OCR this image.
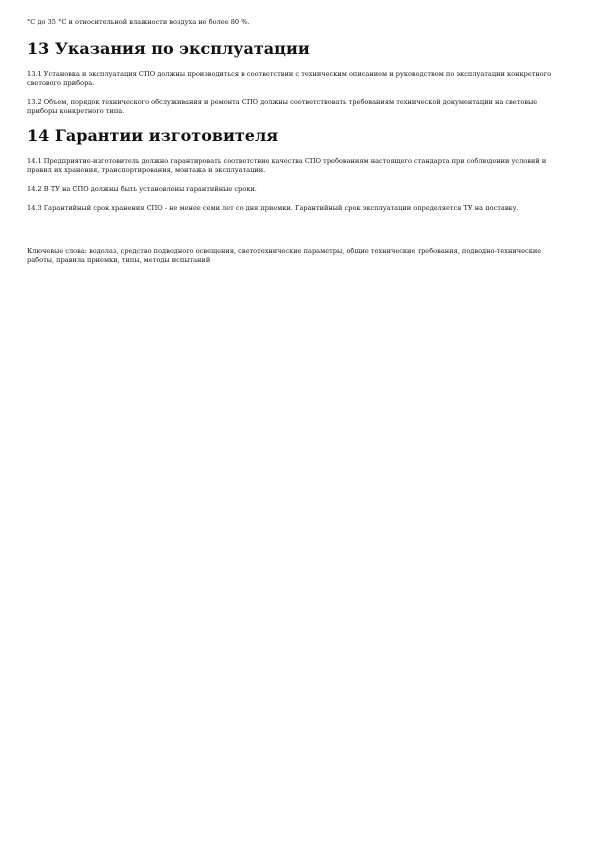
°С до 35 °С и относительной влажности воздуха не более 80 %.

13 Указания по эксплуатации

13.1 Установка и эксплуатация СПО должны производиться в соответствии с техническим описанием и руководством по эксплуатации конкретного светового прибора.

13.2 Объем, порядок технического обслуживания и ремонта СПО должны соответствовать требованиям технической документации на световые приборы конкретного типа.

14 Гарантии изготовителя

14.1 Предприятие-изготовитель должно гарантировать соответствие качества СПО требованиям настоящего стандарта при соблюдении условий и правил их хранения, транспортирования, монтажа и эксплуатации.

14.2 В ТУ на СПО должны быть установлены гарантийные сроки.

14.3 Гарантийный срок хранения СПО - не менее семи лет со дня приемки. Гарантийный срок эксплуатации определяется ТУ на поставку.

Ключевые слова: водолаз, средство подводного освещения, светотехнические параметры, общие технические требования, подводно-технические работы, правила приемки, типы, методы испытаний
